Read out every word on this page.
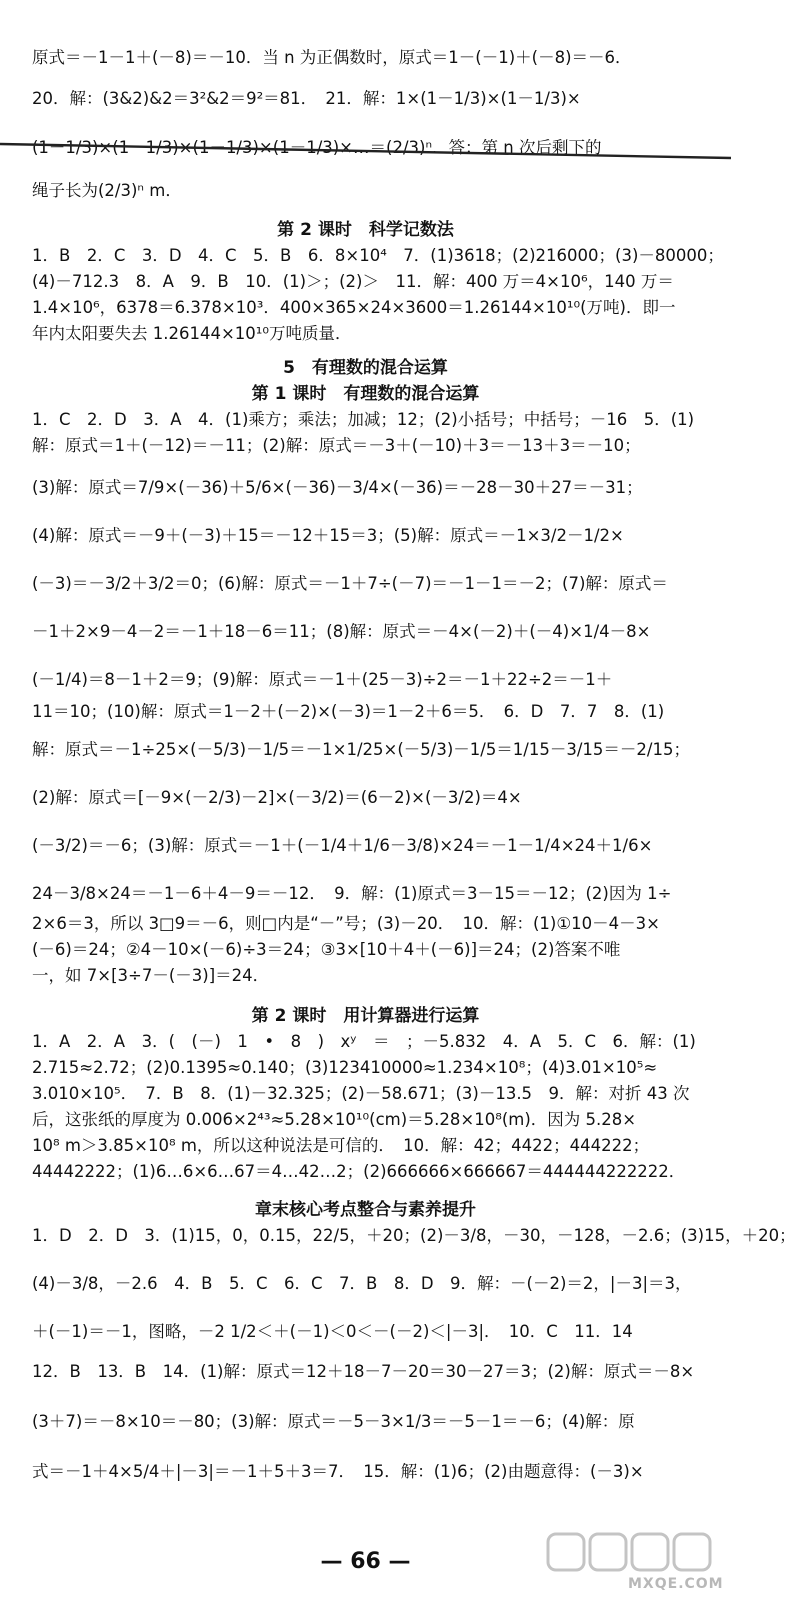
原式＝－1－1＋(－8)＝－10．当 n 为正偶数时，原式＝1－(－1)＋(－8)＝－6．
20．解：(3&2)&2＝3²&2＝9²＝81．　21．解：1×(1－1/3)×(1－1/3)×
(1－1/3)×(1－1/3)×(1－1/3)×(1－1/3)×…＝(2/3)ⁿ．答：第 n 次后剩下的
绳子长为(2/3)ⁿ m．
1．B　2．C　3．D　4．C　5．B　6．8×10⁴　7．(1)3618；(2)216000；(3)－80000；
(4)－712.3　8．A　9．B　10．(1)＞；(2)＞　11．解：400 万＝4×10⁶，140 万＝
1.4×10⁶，6378＝6.378×10³．400×365×24×3600＝1.26144×10¹⁰(万吨)．即一
年内太阳要失去 1.26144×10¹⁰万吨质量．
1．C　2．D　3．A　4．(1)乘方；乘法；加减；12；(2)小括号；中括号；－16　5．(1)
解：原式＝1＋(－12)＝－11；(2)解：原式＝－3＋(－10)＋3＝－13＋3＝－10；
(3)解：原式＝7/9×(－36)＋5/6×(－36)－3/4×(－36)＝－28－30＋27＝－31；
(4)解：原式＝－9＋(－3)＋15＝－12＋15＝3；(5)解：原式＝－1×3/2－1/2×
(－3)＝－3/2＋3/2＝0；(6)解：原式＝－1＋7÷(－7)＝－1－1＝－2；(7)解：原式＝
－1＋2×9－4－2＝－1＋18－6＝11；(8)解：原式＝－4×(－2)＋(－4)×1/4－8×
(－1/4)＝8－1＋2＝9；(9)解：原式＝－1＋(25－3)÷2＝－1＋22÷2＝－1＋
11＝10；(10)解：原式＝1－2＋(－2)×(－3)＝1－2＋6＝5．　6．D　7．7　8．(1)
解：原式＝－1÷25×(－5/3)－1/5＝－1×1/25×(－5/3)－1/5＝1/15－3/15＝－2/15；
(2)解：原式＝[－9×(－2/3)－2]×(－3/2)＝(6－2)×(－3/2)＝4×
(－3/2)＝－6；(3)解：原式＝－1＋(－1/4＋1/6－3/8)×24＝－1－1/4×24＋1/6×
24－3/8×24＝－1－6＋4－9＝－12．　9．解：(1)原式＝3－15＝－12；(2)因为 1÷
2×6＝3，所以 3□9＝－6，则□内是“－”号；(3)－20．　10．解：(1)①10－4－3×
(－6)＝24；②4－10×(－6)÷3＝24；③3×[10＋4＋(－6)]＝24；(2)答案不唯
一，如 7×[3÷7－(－3)]＝24．
1．A　2．A　3．(　(－)　1　•　8　)　xʸ　＝　；－5.832　4．A　5．C　6．解：(1)
2.715≈2.72；(2)0.1395≈0.140；(3)123410000≈1.234×10⁸；(4)3.01×10⁵≈
3.010×10⁵．　7．B　8．(1)－32.325；(2)－58.671；(3)－13.5　9．解：对折 43 次
后，这张纸的厚度为 0.006×2⁴³≈5.28×10¹⁰(cm)＝5.28×10⁸(m)．因为 5.28×
10⁸ m＞3.85×10⁸ m，所以这种说法是可信的．　10．解：42；4422；444222；
44442222；(1)6…6×6…67＝4…42…2；(2)666666×666667＝444444222222．
1．D　2．D　3．(1)15，0，0.15，22/5，＋20；(2)－3/8，－30，－128，－2.6；(3)15，＋20；
(4)－3/8，－2.6　4．B　5．C　6．C　7．B　8．D　9．解：－(－2)＝2，|－3|＝3，
＋(－1)＝－1，图略，－2 1/2＜＋(－1)＜0＜－(－2)＜|－3|．　10．C　11．14
12．B　13．B　14．(1)解：原式＝12＋18－7－20＝30－27＝3；(2)解：原式＝－8×
(3＋7)＝－8×10＝－80；(3)解：原式＝－5－3×1/3＝－5－1＝－6；(4)解：原
式＝－1＋4×5/4＋|－3|＝－1＋5＋3＝7．　15．解：(1)6；(2)由题意得：(－3)×
第 2 课时　科学记数法
5　有理数的混合运算
第 1 课时　有理数的混合运算
第 2 课时　用计算器进行运算
章末核心考点整合与素养提升
— 66 —
MXQE.COM
